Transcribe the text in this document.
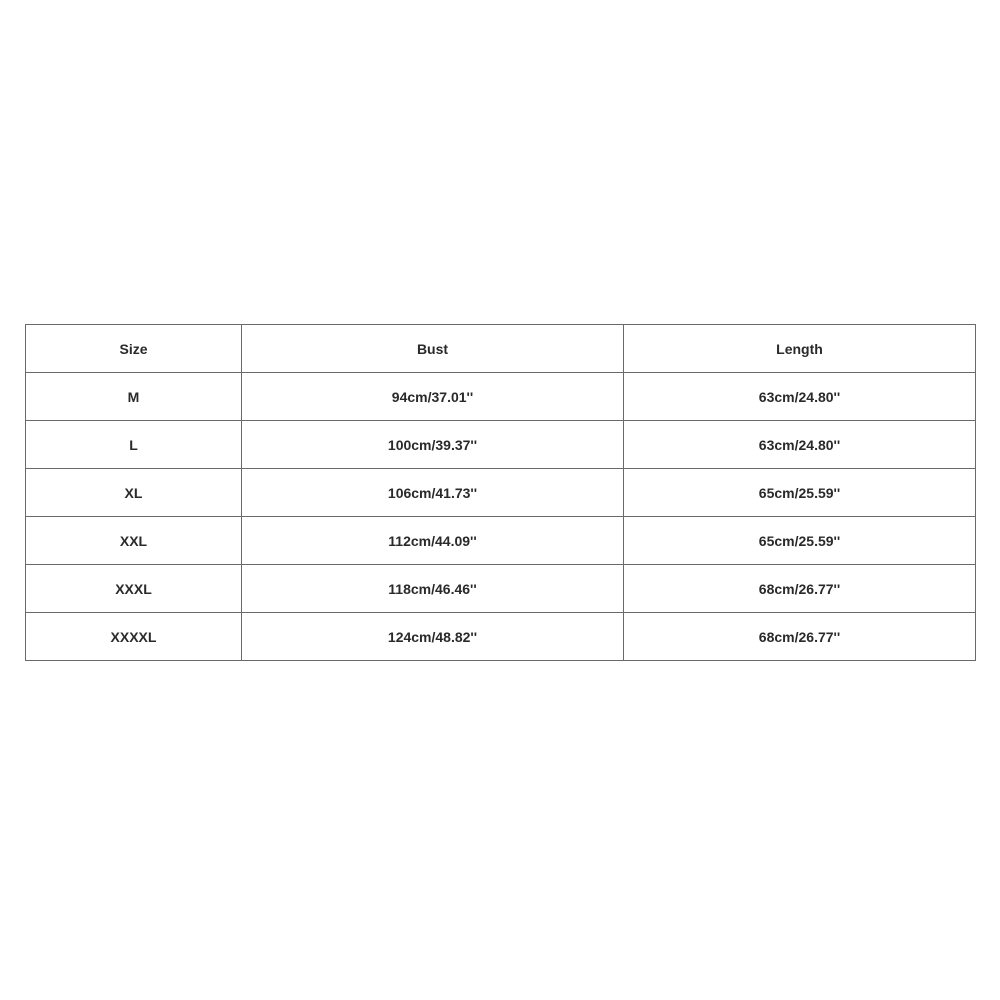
Size	Bust	Length
M	94cm/37.01''	63cm/24.80''
L	100cm/39.37''	63cm/24.80''
XL	106cm/41.73''	65cm/25.59''
XXL	112cm/44.09''	65cm/25.59''
XXXL	118cm/46.46''	68cm/26.77''
XXXXL	124cm/48.82''	68cm/26.77''
